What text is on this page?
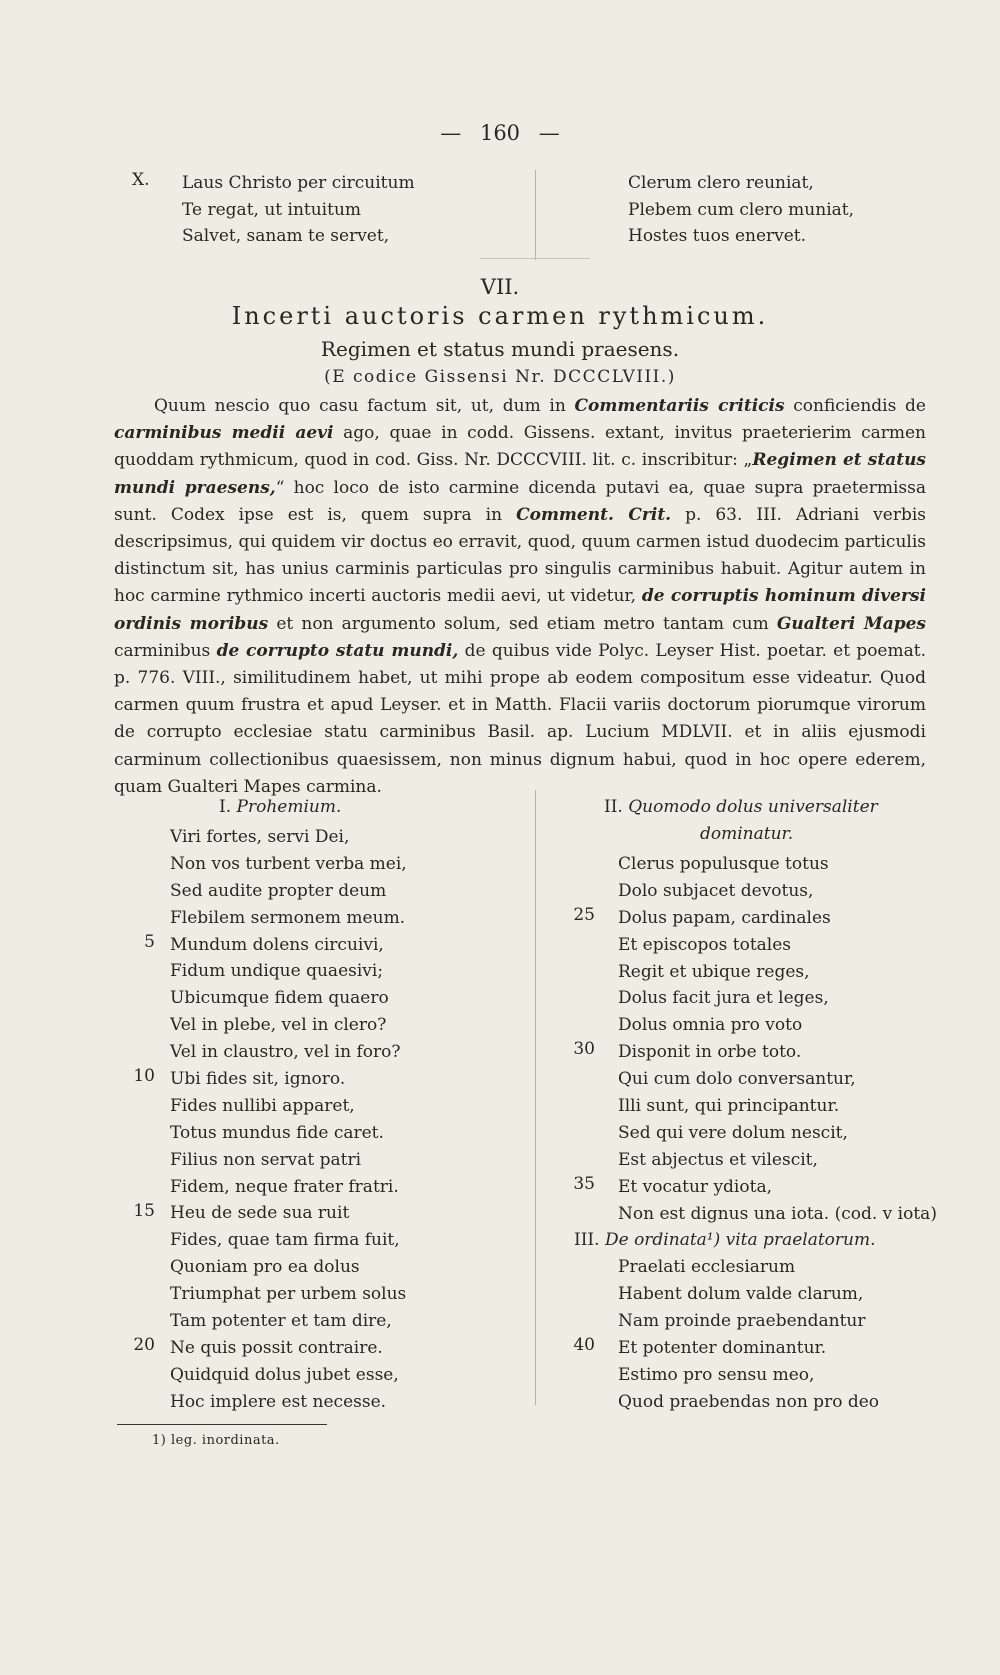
— 160 —
X. Laus Christo per circuitum
Te regat, ut intuitum
Salvet, sanam te servet,
Clerum clero reuniat,
Plebem cum clero muniat,
Hostes tuos enervet.
VII.
Incerti auctoris carmen rythmicum.
Regimen et status mundi praesens.
(E codice Gissensi Nr. DCCCLVIII.)

Quum nescio quo casu factum sit, ut, dum in Commentariis criticis conficiendis de carminibus medii aevi ago, quae in codd. Gissens. extant, invitus praeterierim carmen quoddam rythmicum, quod in cod. Giss. Nr. DCCCVIII. lit. c. inscribitur: „Regimen et status mundi praesens,“ hoc loco de isto carmine dicenda putavi ea, quae supra praetermissa sunt. Codex ipse est is, quem supra in Comment. Crit. p. 63. III. Adriani verbis descripsimus, qui quidem vir doctus eo erravit, quod, quum carmen istud duodecim particulis distinctum sit, has unius carminis particulas pro singulis carminibus habuit. Agitur autem in hoc carmine rythmico incerti auctoris medii aevi, ut videtur, de corruptis hominum diversi ordinis moribus et non argumento solum, sed etiam metro tantam cum Gualteri Mapes carminibus de corrupto statu mundi, de quibus vide Polyc. Leyser Hist. poetar. et poemat. p. 776. VIII., similitudinem habet, ut mihi prope ab eodem compositum esse videatur. Quod carmen quum frustra et apud Leyser. et in Matth. Flacii variis doctorum piorumque virorum de corrupto ecclesiae statu carminibus Basil. ap. Lucium MDLVII. et in aliis ejusmodi carminum collectionibus quaesissem, non minus dignum habui, quod in hoc opere ederem, quam Gualteri Mapes carmina.

I. Prohemium.	II. Quomodo dolus universaliter
dominatur.
5
10
15
20
Viri fortes, servi Dei,
Non vos turbent verba mei,
Sed audite propter deum
Flebilem sermonem meum.
Mundum dolens circuivi,
Fidum undique quaesivi;
Ubicumque fidem quaero
Vel in plebe, vel in clero?
Vel in claustro, vel in foro?
Ubi fides sit, ignoro.
Fides nullibi apparet,
Totus mundus fide caret.
Filius non servat patri
Fidem, neque frater fratri.
Heu de sede sua ruit
Fides, quae tam firma fuit,
Quoniam pro ea dolus
Triumphat per urbem solus
Tam potenter et tam dire,
Ne quis possit contraire.
Quidquid dolus jubet esse,
Hoc implere est necesse.
25
30
35
40
Clerus populusque totus
Dolo subjacet devotus,
Dolus papam, cardinales
Et episcopos totales
Regit et ubique reges,
Dolus facit jura et leges,
Dolus omnia pro voto
Disponit in orbe toto.
Qui cum dolo conversantur,
Illi sunt, qui principantur.
Sed qui vere dolum nescit,
Est abjectus et vilescit,
Et vocatur ydiota,
Non est dignus una iota. (cod. v iota)
III. De ordinata¹) vita praelatorum.
Praelati ecclesiarum
Habent dolum valde clarum,
Nam proinde praebendantur
Et potenter dominantur.
Estimo pro sensu meo,
Quod praebendas non pro deo
1) leg. inordinata.
